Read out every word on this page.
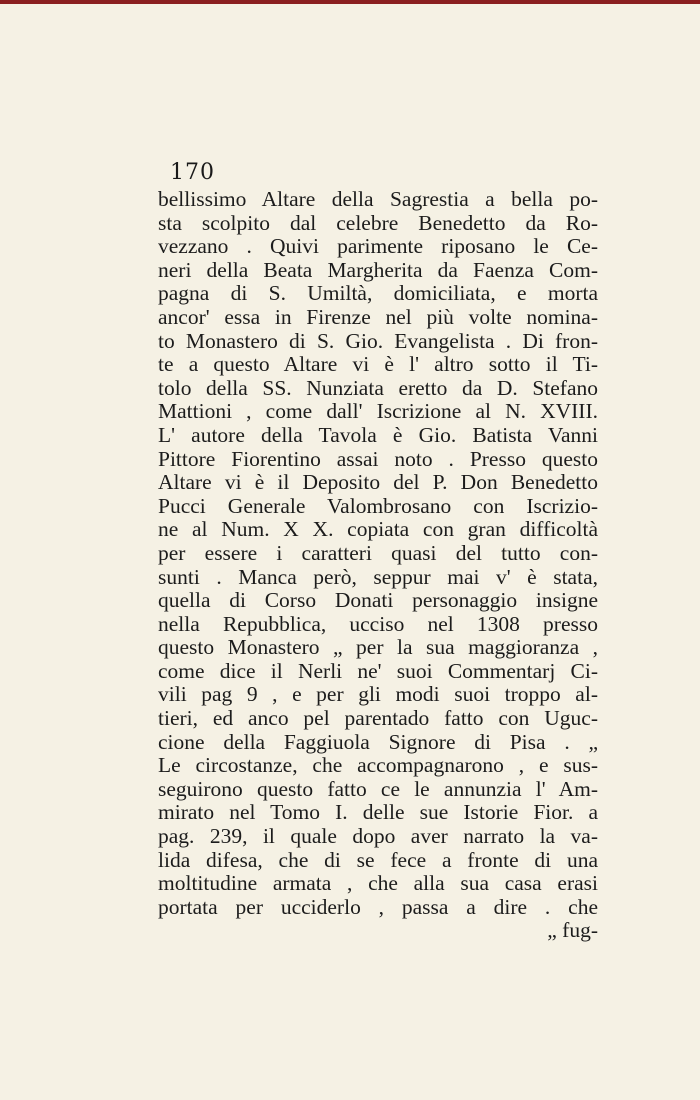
170
bellissimo Altare della Sagrestia a bella po-
sta scolpito dal celebre Benedetto da Ro-
vezzano . Quivi parimente riposano le Ce-
neri della Beata Margherita da Faenza Com-
pagna di S. Umiltà, domiciliata, e morta
ancor' essa in Firenze nel più volte nomina-
to Monastero di S. Gio. Evangelista . Di fron-
te a questo Altare vi è l' altro sotto il Ti-
tolo della SS. Nunziata eretto da D. Stefano
Mattioni , come dall' Iscrizione al N. XVIII.
L' autore della Tavola è Gio. Batista Vanni
Pittore Fiorentino assai noto . Presso questo
Altare vi è il Deposito del P. Don Benedetto
Pucci Generale Valombrosano con Iscrizio-
ne al Num. X X. copiata con gran difficoltà
per essere i caratteri quasi del tutto con-
sunti . Manca però, seppur mai v' è stata,
quella di Corso Donati personaggio insigne
nella Repubblica, ucciso nel 1308 presso
questo Monastero „ per la sua maggioranza ,
come dice il Nerli ne' suoi Commentarj Ci-
vili pag 9 , e per gli modi suoi troppo al-
tieri, ed anco pel parentado fatto con Uguc-
cione della Faggiuola Signore di Pisa . „
Le circostanze, che accompagnarono , e sus-
seguirono questo fatto ce le annunzia l' Am-
mirato nel Tomo I. delle sue Istorie Fior. a
pag. 239, il quale dopo aver narrato la va-
lida difesa, che di se fece a fronte di una
moltitudine armata , che alla sua casa erasi
portata per ucciderlo , passa a dire . che
„ fug-
